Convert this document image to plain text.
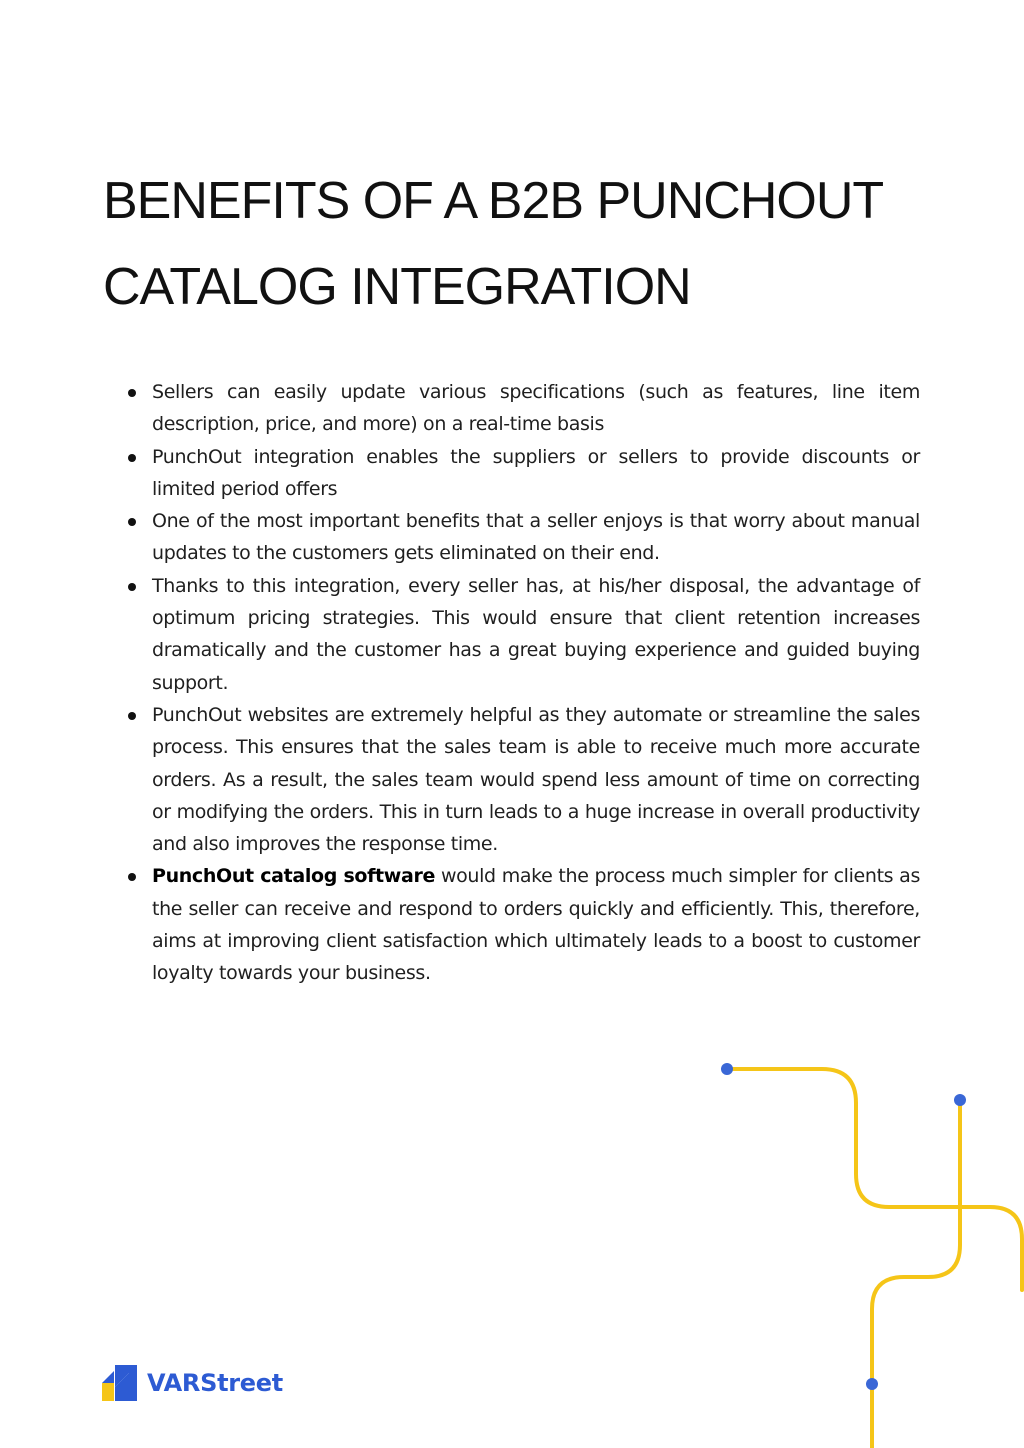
BENEFITS OF A B2B PUNCHOUT
CATALOG INTEGRATION
Sellers can easily update various specifications (such as features, line item description, price, and more) on a real-time basis
PunchOut integration enables the suppliers or sellers to provide discounts or limited period offers
One of the most important benefits that a seller enjoys is that worry about manual updates to the customers gets eliminated on their end.
Thanks to this integration, every seller has, at his/her disposal, the advantage of optimum pricing strategies. This would ensure that client retention increases dramatically and the customer has a great buying experience and guided buying support.
PunchOut websites are extremely helpful as they automate or streamline the sales process. This ensures that the sales team is able to receive much more accurate orders. As a result, the sales team would spend less amount of time on correcting or modifying the orders. This in turn leads to a huge increase in overall productivity and also improves the response time.
PunchOut catalog software would make the process much simpler for clients as the seller can receive and respond to orders quickly and efficiently. This, therefore, aims at improving client satisfaction which ultimately leads to a boost to customer loyalty towards your business.
VARStreet
